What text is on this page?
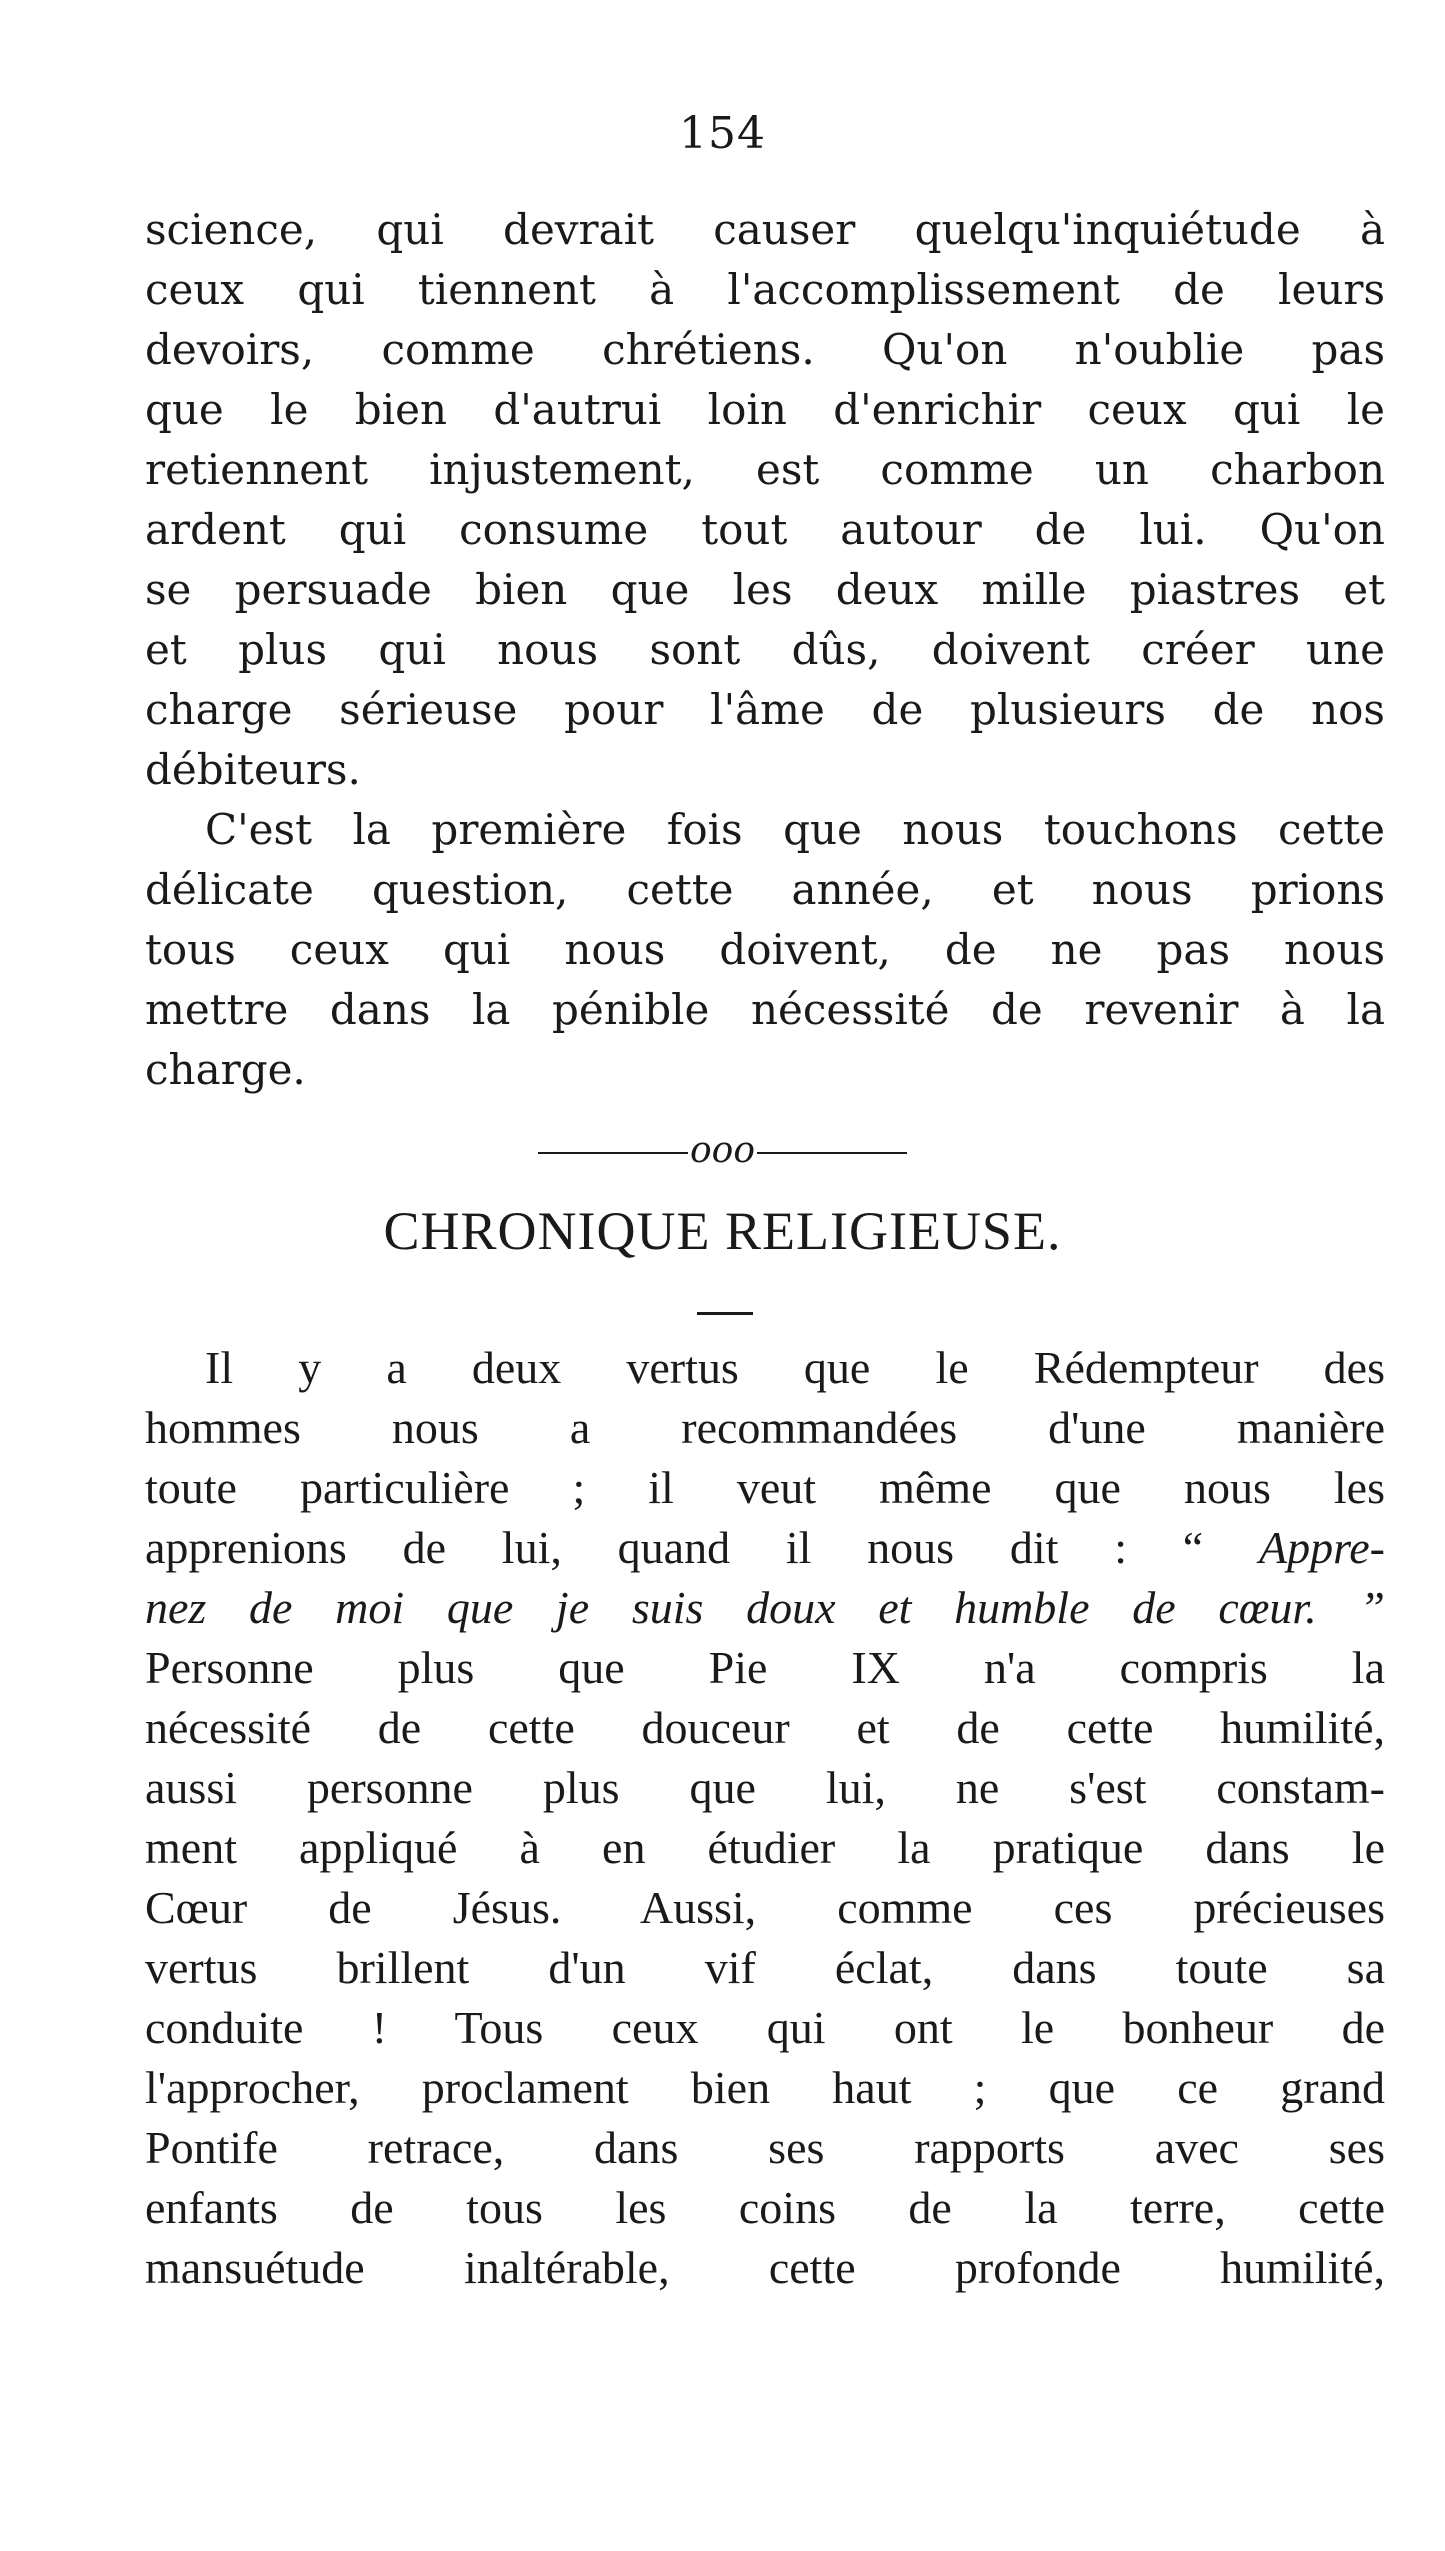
154
science, qui devrait causer quelqu'inquiétude à
ceux qui tiennent à l'accomplissement de leurs
devoirs, comme chrétiens. Qu'on n'oublie pas
que le bien d'autrui loin d'enrichir ceux qui le
retiennent injustement, est comme un charbon
ardent qui consume tout autour de lui. Qu'on
se persuade bien que les deux mille piastres et
et plus qui nous sont dûs, doivent créer une
charge sérieuse pour l'âme de plusieurs de nos
débiteurs.
C'est la première fois que nous touchons cette
délicate question, cette année, et nous prions
tous ceux qui nous doivent, de ne pas nous
mettre dans la pénible nécessité de revenir à la
charge.
ooo
CHRONIQUE RELIGIEUSE.
Il y a deux vertus que le Rédempteur des
hommes nous a recommandées d'une manière
toute particulière ; il veut même que nous les
apprenions de lui, quand il nous dit : “ Appre-
nez de moi que je suis doux et humble de cœur. ”
Personne plus que Pie IX n'a compris la
nécessité de cette douceur et de cette humilité,
aussi personne plus que lui, ne s'est constam-
ment appliqué à en étudier la pratique dans le
Cœur de Jésus. Aussi, comme ces précieuses
vertus brillent d'un vif éclat, dans toute sa
conduite ! Tous ceux qui ont le bonheur de
l'approcher, proclament bien haut ; que ce grand
Pontife retrace, dans ses rapports avec ses
enfants de tous les coins de la terre, cette
mansuétude inaltérable, cette profonde humilité,
